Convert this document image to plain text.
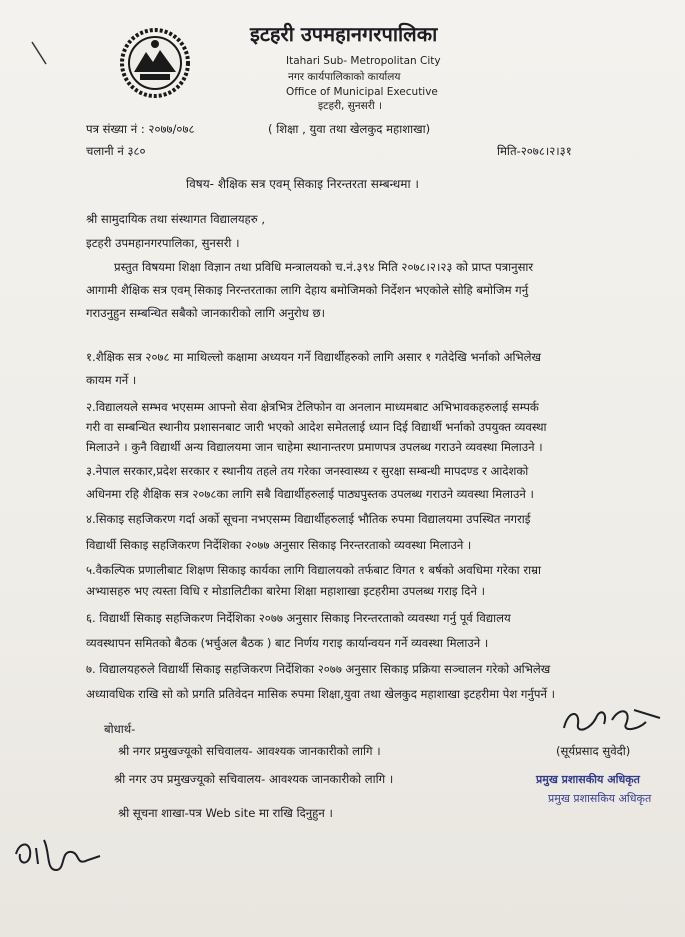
इटहरी उपमहानगरपालिका
Itahari Sub- Metropolitan City
नगर कार्यपालिकाको कार्यालय
Office of Municipal Executive
इटहरी, सुनसरी ।
पत्र संख्या नं : २०७७/०७८	( शिक्षा , युवा तथा खेलकुद महाशाखा)
चलानी नं ३८०	मिति-२०७८।२।३१
विषय- शैक्षिक सत्र एवम् सिकाइ निरन्तरता सम्बन्धमा ।
श्री सामुदायिक तथा संस्थागत विद्यालयहरु ,
इटहरी उपमहानगरपालिका, सुनसरी ।
प्रस्तुत विषयमा शिक्षा विज्ञान तथा प्रविधि मन्त्रालयको च.नं.३९४ मिति २०७८।२।२३ को प्राप्त पत्रानुसार
आगामी शैक्षिक सत्र एवम् सिकाइ निरन्तरताका लागि देहाय बमोजिमको निर्देशन भएकोले सोहि बमोजिम गर्नु
गराउनुहुन सम्बन्धित सबैको जानकारीको लागि अनुरोध छ।
१.शैक्षिक सत्र २०७८ मा माथिल्लो कक्षामा अध्ययन गर्ने विद्यार्थीहरुको लागि असार १ गतेदेखि भर्नाको अभिलेख
कायम गर्ने ।
२.विद्यालयले सम्भव भएसम्म आफ्नो सेवा क्षेत्रभित्र टेलिफोन वा अनलान माध्यमबाट अभिभावकहरुलाई सम्पर्क
गरी वा सम्बन्धित स्थानीय प्रशासनबाट जारी भएको आदेश समेतलाई ध्यान दिई विद्यार्थी भर्नाको उपयुक्त व्यवस्था
मिलाउने । कुनै विद्यार्थी अन्य विद्यालयमा जान चाहेमा स्थानान्तरण प्रमाणपत्र उपलब्ध गराउने व्यवस्था मिलाउने ।
३.नेपाल सरकार,प्रदेश सरकार र स्थानीय तहले तय गरेका जनस्वास्थ्य र सुरक्षा सम्बन्धी मापदण्ड र आदेशको
अधिनमा रहि शैक्षिक सत्र २०७८का लागि सबै विद्यार्थीहरुलाई पाठ्यपुस्तक उपलब्ध गराउने व्यवस्था मिलाउने ।
४.सिकाइ सहजिकरण गर्दा अर्को सूचना नभएसम्म विद्यार्थीहरुलाई भौतिक रुपमा विद्यालयमा उपस्थित नगराई
विद्यार्थी सिकाइ सहजिकरण निर्देशिका २०७७ अनुसार सिकाइ निरन्तरताको व्यवस्था मिलाउने ।
५.वैकल्पिक प्रणालीबाट शिक्षण सिकाइ कार्यका लागि विद्यालयको तर्फबाट विगत १ बर्षको अवधिमा गरेका राम्रा
अभ्यासहरु भए त्यस्ता विधि र मोडालिटीका बारेमा शिक्षा महाशाखा इटहरीमा उपलब्ध गराइ दिने ।
६. विद्यार्थी सिकाइ सहजिकरण निर्देशिका २०७७ अनुसार सिकाइ निरन्तरताको व्यवस्था गर्नु पूर्व विद्यालय
व्यवस्थापन समितको बैठक (भर्चुअल बैठक ) बाट निर्णय गराइ कार्यान्वयन गर्ने व्यवस्था मिलाउने ।
७. विद्यालयहरुले विद्यार्थी सिकाइ सहजिकरण निर्देशिका २०७७ अनुसार सिकाइ प्रक्रिया सञ्चालन गरेको अभिलेख
अध्यावधिक राखि सो को प्रगति प्रतिवेदन मासिक रुपमा शिक्षा,युवा तथा खेलकुद महाशाखा इटहरीमा पेश गर्नुपर्ने ।
बोधार्थ-
श्री नगर प्रमुखज्यूको सचिवालय- आवश्यक जानकारीको लागि ।
श्री नगर उप प्रमुखज्यूको सचिवालय- आवश्यक जानकारीको लागि ।
श्री सूचना शाखा-पत्र Web site मा राखि दिनुहुन ।
(सूर्यप्रसाद सुवेदी)
प्रमुख प्रशासकीय अधिकृत
प्रमुख प्रशासकिय अधिकृत
